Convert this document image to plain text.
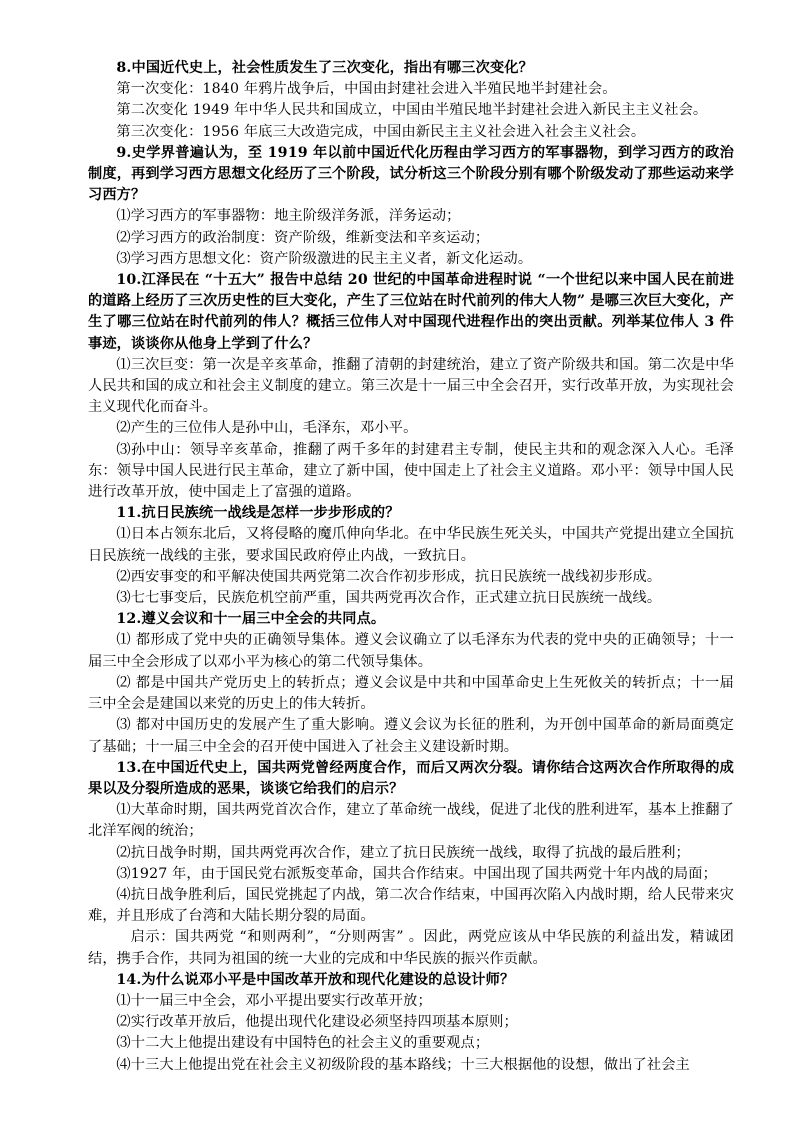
8.中国近代史上，社会性质发生了三次变化，指出有哪三次变化？

第一次变化：1840 年鸦片战争后，中国由封建社会进入半殖民地半封建社会。

第二次变化 1949 年中华人民共和国成立，中国由半殖民地半封建社会进入新民主主义社会。

第三次变化：1956 年底三大改造完成，中国由新民主主义社会进入社会主义社会。

9.史学界普遍认为，至 1919 年以前中国近代化历程由学习西方的军事器物，到学习西方的政治制度，再到学习西方思想文化经历了三个阶段，试分析这三个阶段分别有哪个阶级发动了那些运动来学习西方？

⑴学习西方的军事器物：地主阶级洋务派，洋务运动；

⑵学习西方的政治制度：资产阶级，维新变法和辛亥运动；

⑶学习西方思想文化：资产阶级激进的民主主义者，新文化运动。

10.江泽民在 “十五大” 报告中总结 20 世纪的中国革命进程时说 “一个世纪以来中国人民在前进的道路上经历了三次历史性的巨大变化，产生了三位站在时代前列的伟大人物” 是哪三次巨大变化，产生了哪三位站在时代前列的伟人？概括三位伟人对中国现代进程作出的突出贡献。列举某位伟人 3 件事迹，谈谈你从他身上学到了什么？

⑴三次巨变：第一次是辛亥革命，推翻了清朝的封建统治，建立了资产阶级共和国。第二次是中华人民共和国的成立和社会主义制度的建立。第三次是十一届三中全会召开，实行改革开放，为实现社会主义现代化而奋斗。

⑵产生的三位伟人是孙中山，毛泽东，邓小平。

⑶孙中山：领导辛亥革命，推翻了两千多年的封建君主专制，使民主共和的观念深入人心。毛泽东：领导中国人民进行民主革命，建立了新中国，使中国走上了社会主义道路。邓小平：领导中国人民进行改革开放，使中国走上了富强的道路。

11.抗日民族统一战线是怎样一步步形成的？

⑴日本占领东北后，又将侵略的魔爪伸向华北。在中华民族生死关头，中国共产党提出建立全国抗日民族统一战线的主张，要求国民政府停止内战，一致抗日。

⑵西安事变的和平解决使国共两党第二次合作初步形成，抗日民族统一战线初步形成。

⑶七七事变后，民族危机空前严重，国共两党再次合作，正式建立抗日民族统一战线。

12.遵义会议和十一届三中全会的共同点。

⑴ 都形成了党中央的正确领导集体。遵义会议确立了以毛泽东为代表的党中央的正确领导；十一届三中全会形成了以邓小平为核心的第二代领导集体。

⑵ 都是中国共产党历史上的转折点；遵义会议是中共和中国革命史上生死攸关的转折点；十一届三中全会是建国以来党的历史上的伟大转折。

⑶ 都对中国历史的发展产生了重大影响。遵义会议为长征的胜利，为开创中国革命的新局面奠定了基础；十一届三中全会的召开使中国进入了社会主义建设新时期。

13.在中国近代史上，国共两党曾经两度合作，而后又两次分裂。请你结合这两次合作所取得的成果以及分裂所造成的恶果，谈谈它给我们的启示？

⑴大革命时期，国共两党首次合作，建立了革命统一战线，促进了北伐的胜利进军，基本上推翻了北洋军阀的统治；

⑵抗日战争时期，国共两党再次合作，建立了抗日民族统一战线，取得了抗战的最后胜利；

⑶1927 年，由于国民党右派叛变革命，国共合作结束。中国出现了国共两党十年内战的局面；

⑷抗日战争胜利后，国民党挑起了内战，第二次合作结束，中国再次陷入内战时期，给人民带来灾难，并且形成了台湾和大陆长期分裂的局面。

启示：国共两党 “和则两利”，“分则两害” 。因此，两党应该从中华民族的利益出发，精诚团结，携手合作，共同为祖国的统一大业的完成和中华民族的振兴作贡献。

14.为什么说邓小平是中国改革开放和现代化建设的总设计师？

⑴十一届三中全会，邓小平提出要实行改革开放；

⑵实行改革开放后，他提出现代化建设必须坚持四项基本原则；

⑶十二大上他提出建设有中国特色的社会主义的重要观点；

⑷十三大上他提出党在社会主义初级阶段的基本路线；十三大根据他的设想，做出了社会主
